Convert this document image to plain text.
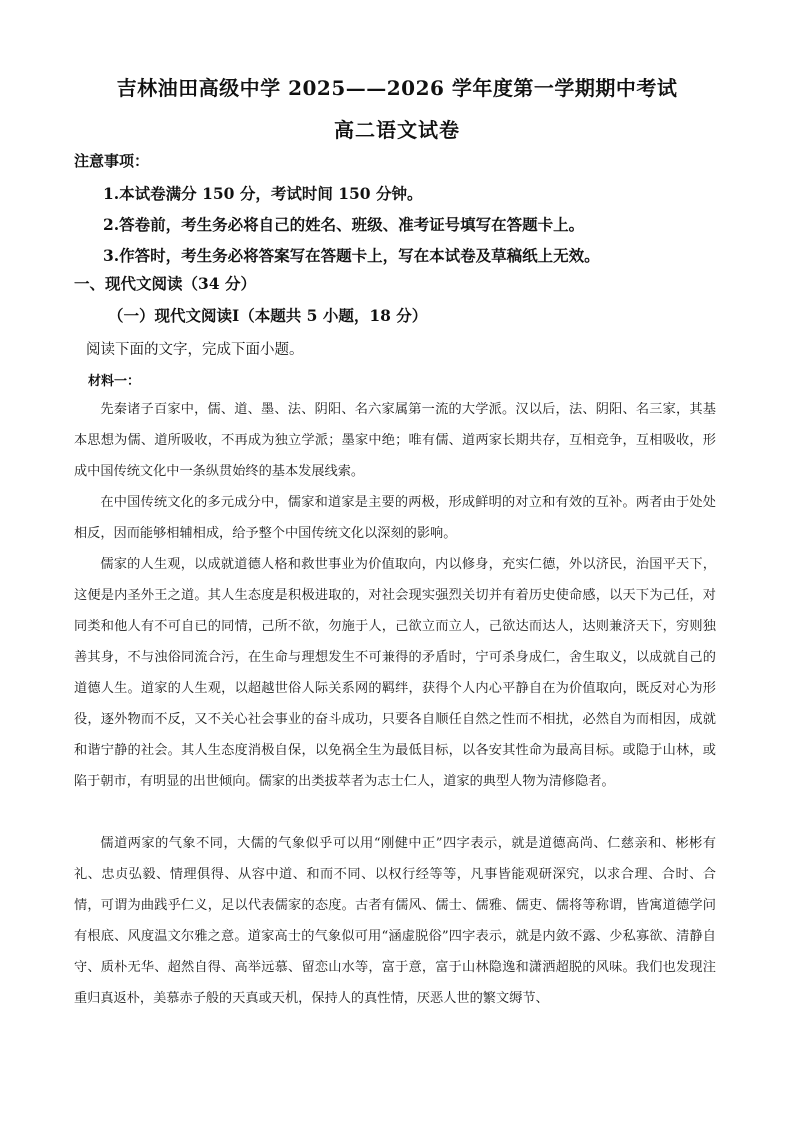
吉林油田高级中学 2025——2026 学年度第一学期期中考试
高二语文试卷
注意事项：
1.本试卷满分 150 分，考试时间 150 分钟。
2.答卷前，考生务必将自己的姓名、班级、准考证号填写在答题卡上。
3.作答时，考生务必将答案写在答题卡上，写在本试卷及草稿纸上无效。
一、现代文阅读（34 分）
（一）现代文阅读Ⅰ（本题共 5 小题，18 分）
阅读下面的文字，完成下面小题。
材料一：

先秦诸子百家中，儒、道、墨、法、阴阳、名六家属第一流的大学派。汉以后，法、阴阳、名三家，其基本思想为儒、道所吸收，不再成为独立学派；墨家中绝；唯有儒、道两家长期共存，互相竞争，互相吸收，形成中国传统文化中一条纵贯始终的基本发展线索。

在中国传统文化的多元成分中，儒家和道家是主要的两极，形成鲜明的对立和有效的互补。两者由于处处相反，因而能够相辅相成，给予整个中国传统文化以深刻的影响。

儒家的人生观，以成就道德人格和救世事业为价值取向，内以修身，充实仁德，外以济民，治国平天下，这便是内圣外王之道。其人生态度是积极进取的，对社会现实强烈关切并有着历史使命感，以天下为己任，对同类和他人有不可自已的同情，己所不欲，勿施于人，己欲立而立人，己欲达而达人，达则兼济天下，穷则独善其身，不与浊俗同流合污，在生命与理想发生不可兼得的矛盾时，宁可杀身成仁，舍生取义，以成就自己的道德人生。道家的人生观，以超越世俗人际关系网的羁绊，获得个人内心平静自在为价值取向，既反对心为形役，逐外物而不反，又不关心社会事业的奋斗成功，只要各自顺任自然之性而不相扰，必然自为而相因，成就和谐宁静的社会。其人生态度消极自保，以免祸全生为最低目标，以各安其性命为最高目标。或隐于山林，或陷于朝市，有明显的出世倾向。儒家的出类拔萃者为志士仁人，道家的典型人物为清修隐者。

儒道两家的气象不同，大儒的气象似乎可以用“刚健中正”四字表示，就是道德高尚、仁慈亲和、彬彬有礼、忠贞弘毅、情理俱得、从容中道、和而不同、以权行经等等，凡事皆能观研深究，以求合理、合时、合情，可谓为曲践乎仁义，足以代表儒家的态度。古者有儒风、儒士、儒雅、儒吏、儒将等称谓，皆寓道德学问有根底、风度温文尔雅之意。道家高士的气象似可用“涵虚脱俗”四字表示，就是内敛不露、少私寡欲、清静自守、质朴无华、超然自得、高举远慕、留恋山水等，富于意，富于山林隐逸和潇洒超脱的风味。我们也发现注重归真返朴，美慕赤子般的天真或天机，保持人的真性情，厌恶人世的繁文缛节、
